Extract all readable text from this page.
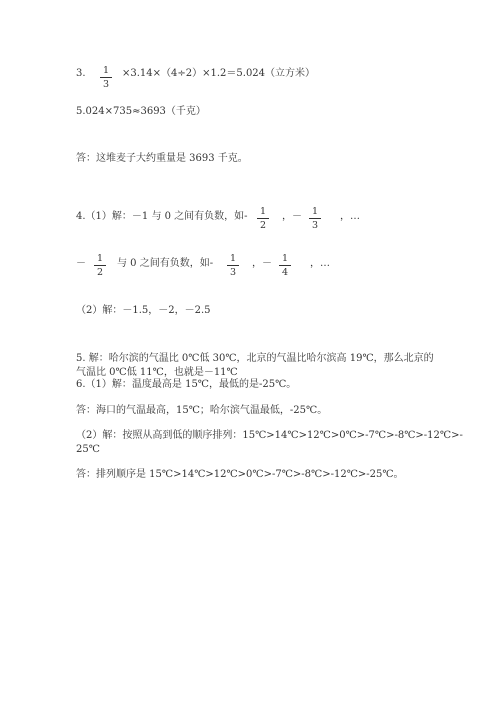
3.	1
3
×3.14×（4÷2）×1.2＝5.024（立方米）
5.024×735≈3693（千克）
答：这堆麦子大约重量是 3693 千克。
4.（1）解：－1 与 0 之间有负数，如-	1
2
，－	1
3
，…
－	1
2
与 0 之间有负数，如-	1
3
，－	1
4
，…
（2）解：－1.5，－2，－2.5
5. 解：哈尔滨的气温比 0℃低 30℃，北京的气温比哈尔滨高 19℃，那么北京的
气温比 0℃低 11℃，也就是－11℃
6.（1）解：温度最高是 15℃，最低的是-25℃。
答：海口的气温最高，15℃；哈尔滨气温最低，-25℃。
（2）解：按照从高到低的顺序排列：15℃>14℃>12℃>0℃>-7℃>-8℃>-12℃>-
25℃
答：排列顺序是 15℃>14℃>12℃>0℃>-7℃>-8℃>-12℃>-25℃。
